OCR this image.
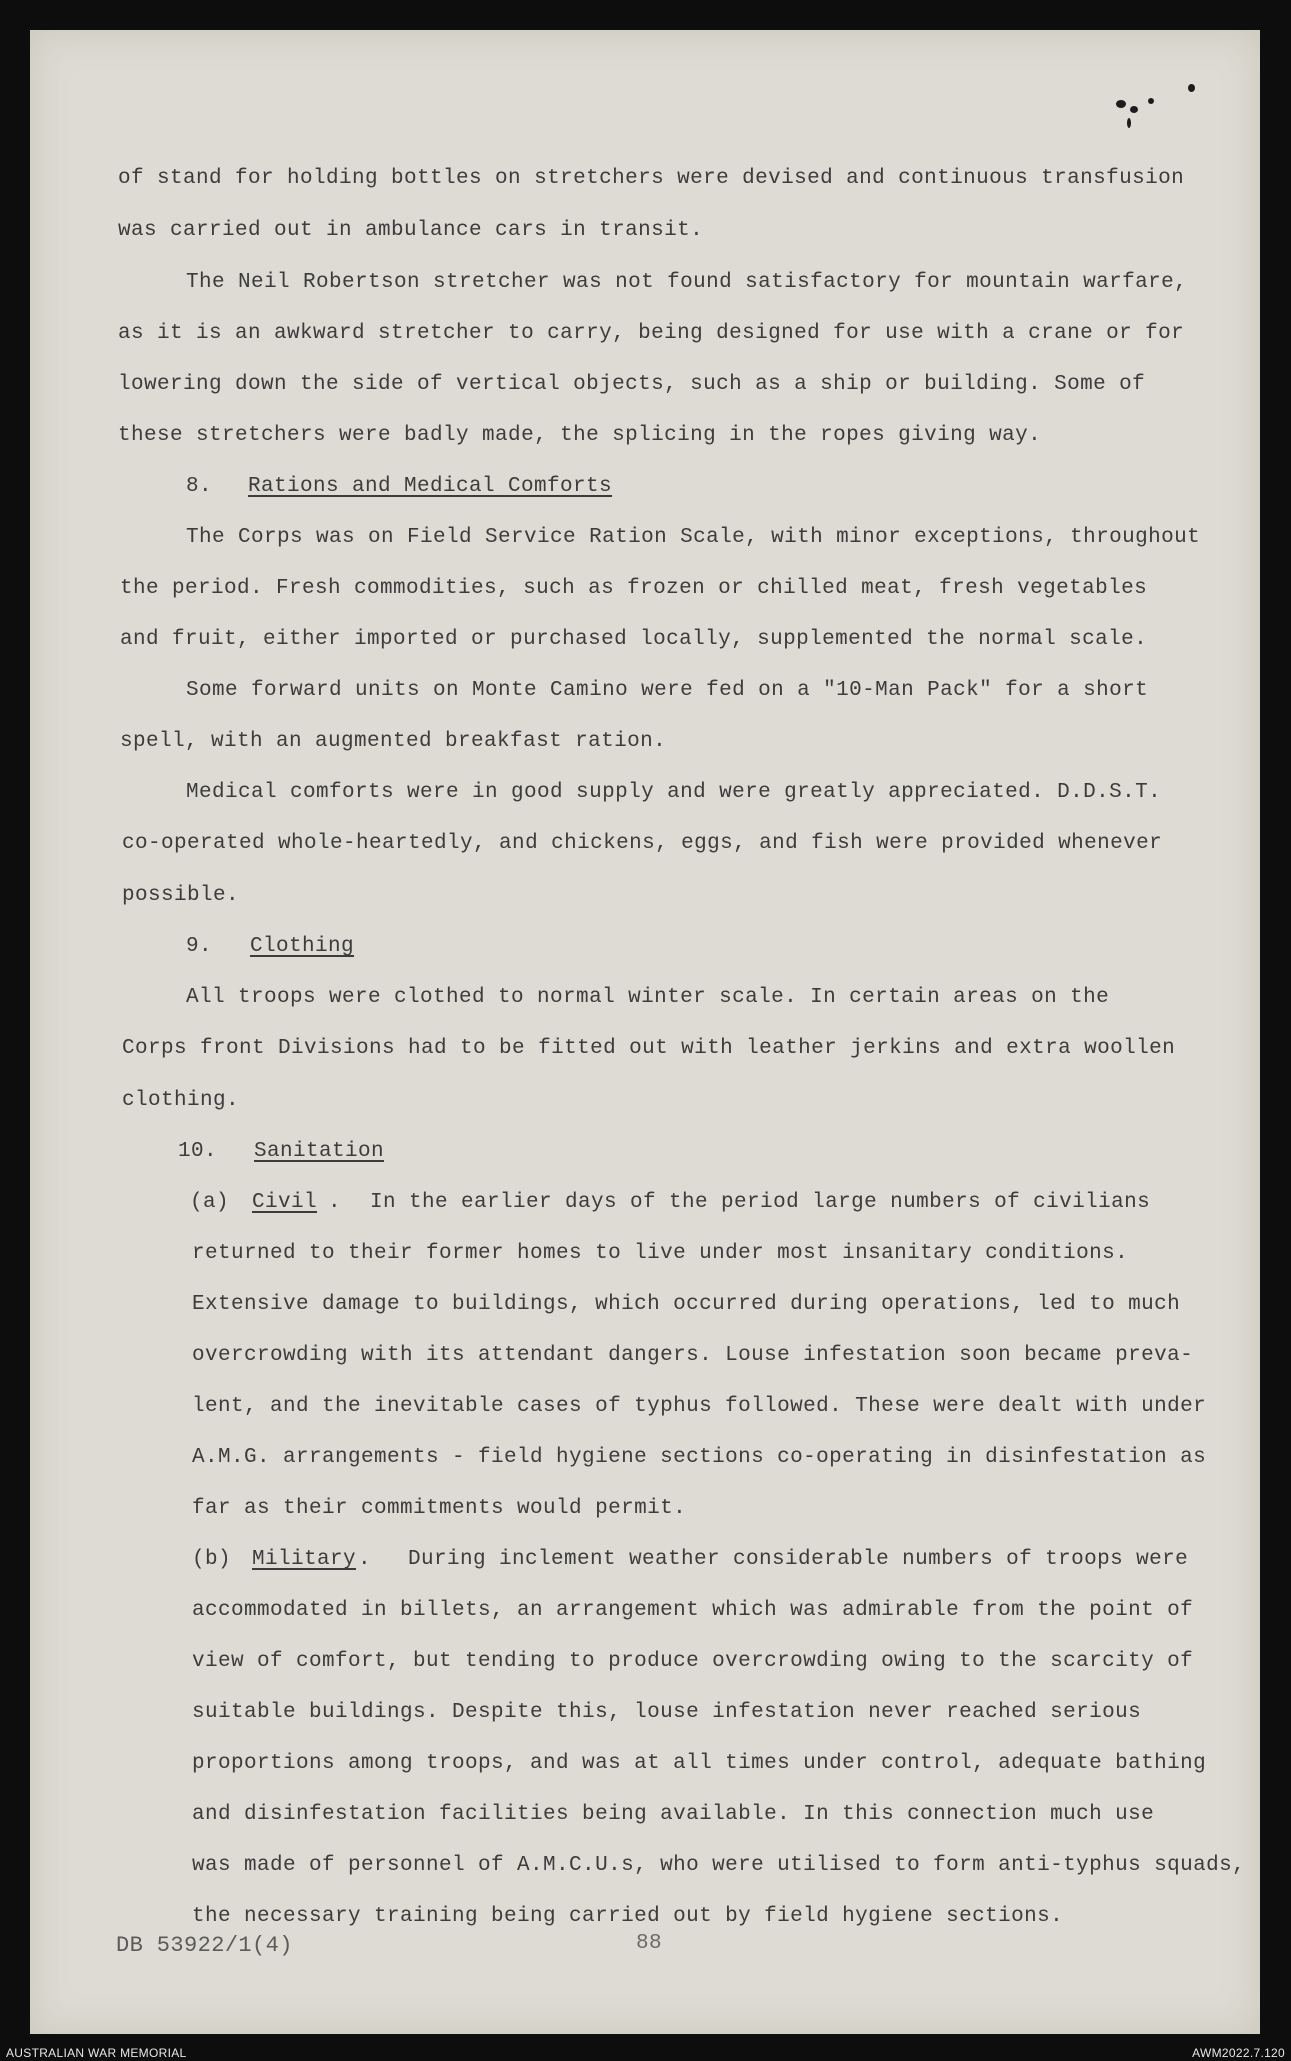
of stand for holding bottles on stretchers were devised and continuous transfusion
was carried out in ambulance cars in transit.
The Neil Robertson stretcher was not found satisfactory for mountain warfare,
as it is an awkward stretcher to carry, being designed for use with a crane or for
lowering down the side of vertical objects, such as a ship or building. Some of
these stretchers were badly made, the splicing in the ropes giving way.
8. Rations and Medical Comforts
The Corps was on Field Service Ration Scale, with minor exceptions, throughout
the period. Fresh commodities, such as frozen or chilled meat, fresh vegetables
and fruit, either imported or purchased locally, supplemented the normal scale.
Some forward units on Monte Camino were fed on a "10-Man Pack" for a short
spell, with an augmented breakfast ration.
Medical comforts were in good supply and were greatly appreciated. D.D.S.T.
co-operated whole-heartedly, and chickens, eggs, and fish were provided whenever
possible.
9. Clothing
All troops were clothed to normal winter scale. In certain areas on the
Corps front Divisions had to be fitted out with leather jerkins and extra woollen
clothing.
10. Sanitation
(a) Civil . In the earlier days of the period large numbers of civilians
returned to their former homes to live under most insanitary conditions.
Extensive damage to buildings, which occurred during operations, led to much
overcrowding with its attendant dangers. Louse infestation soon became preva-
lent, and the inevitable cases of typhus followed. These were dealt with under
A.M.G. arrangements - field hygiene sections co-operating in disinfestation as
far as their commitments would permit.
(b) Military . During inclement weather considerable numbers of troops were
accommodated in billets, an arrangement which was admirable from the point of
view of comfort, but tending to produce overcrowding owing to the scarcity of
suitable buildings. Despite this, louse infestation never reached serious
proportions among troops, and was at all times under control, adequate bathing
and disinfestation facilities being available. In this connection much use
was made of personnel of A.M.C.U.s, who were utilised to form anti-typhus squads,
the necessary training being carried out by field hygiene sections.
DB 53922/1(4)	88
AUSTRALIAN WAR MEMORIAL	AWM2022.7.120
